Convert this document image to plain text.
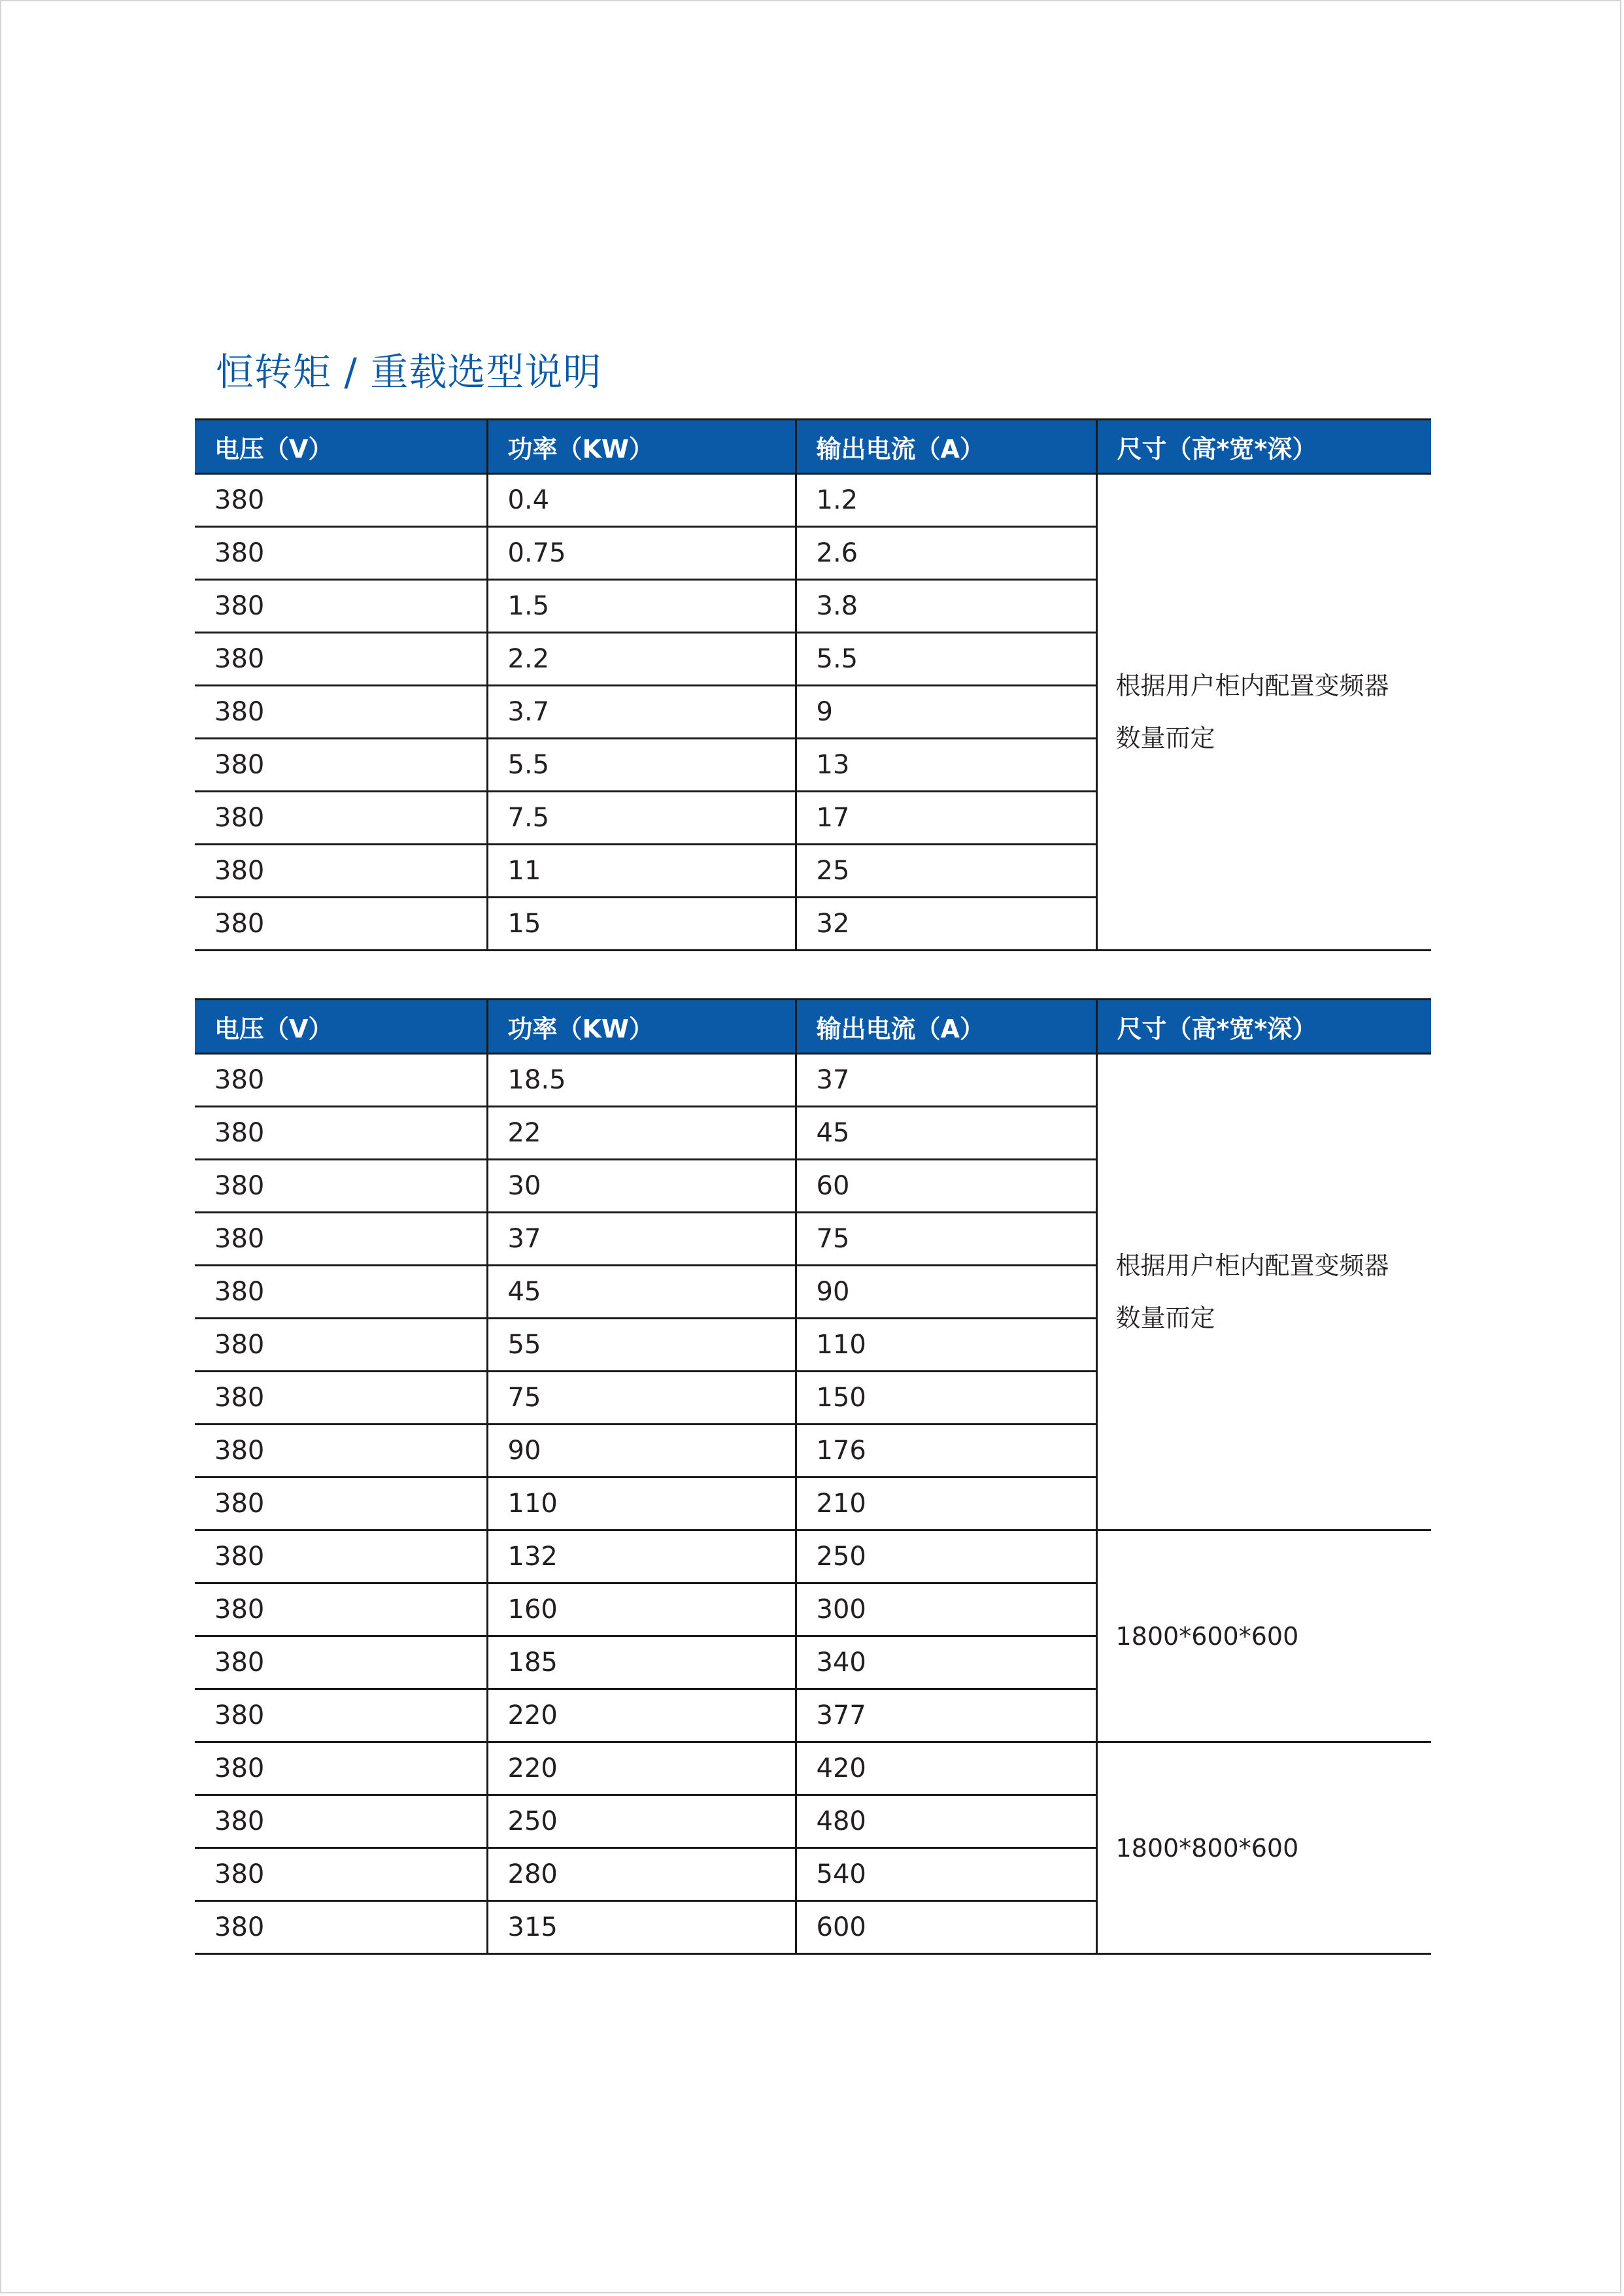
恒转矩 / 重载选型说明
电压（V）	功率（KW）	输出电流（A）	尺寸（高*宽*深）
380	0.4	1.2	根据用户柜内配置变频器
数量而定

380	0.75	2.6	
380	1.5	3.8	
380	2.2	5.5	
380	3.7	9	
380	5.5	13	
380	7.5	17	
380	11	25	
380	15	32	
电压（V）	功率（KW）	输出电流（A）	尺寸（高*宽*深）
380	18.5	37	根据用户柜内配置变频器
数量而定

380	22	45	
380	30	60	
380	37	75	
380	45	90	
380	55	110	
380	75	150	
380	90	176	
380	110	210	
380	132	250	1800*600*600

380	160	300	
380	185	340	
380	220	377	
380	220	420	1800*800*600

380	250	480	
380	280	540	
380	315	600	
